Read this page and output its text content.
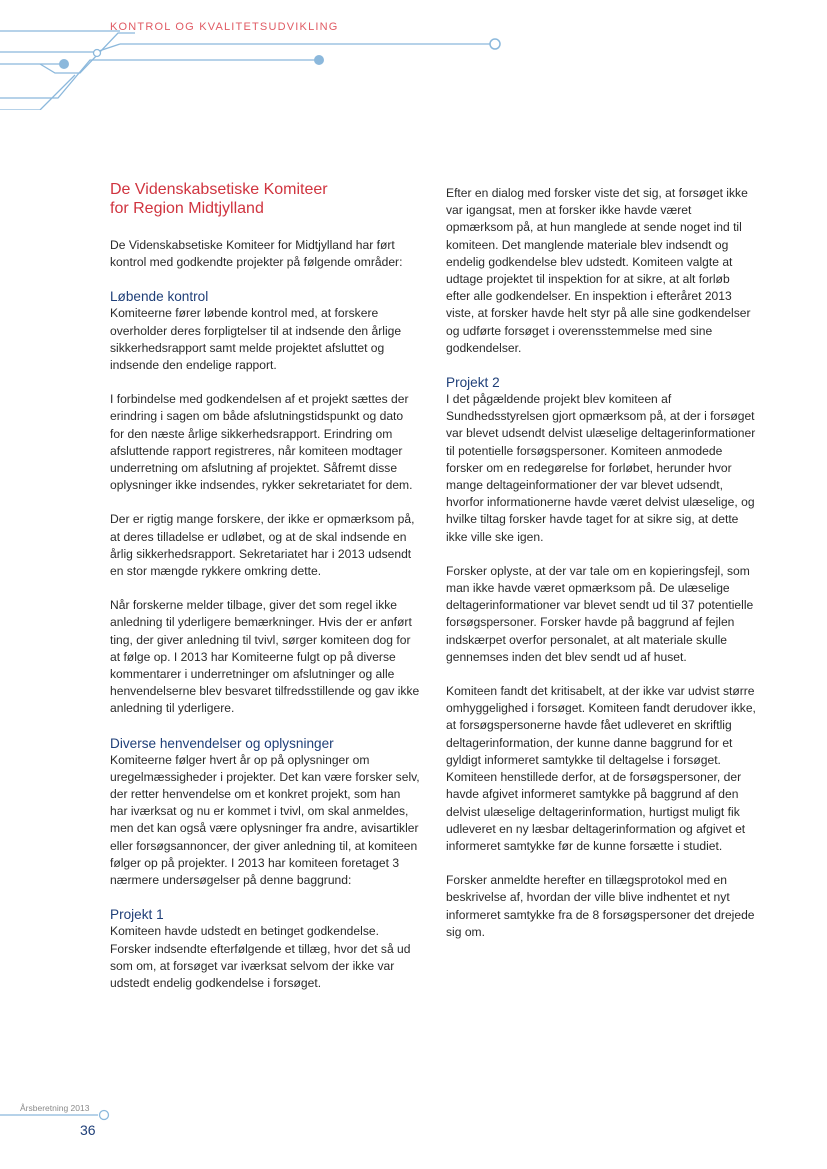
KONTROL OG KVALITETSUDVIKLING
De Videnskabsetiske Komiteer
for Region Midtjylland

De Videnskabsetiske Komiteer for Midtjylland har ført kontrol med godkendte projekter på følgende områder:

Løbende kontrol

Komiteerne fører løbende kontrol med, at forskere overholder deres forpligtelser til at indsende den årlige sikkerhedsrapport samt melde projektet afsluttet og indsende den endelige rapport.

I forbindelse med godkendelsen af et projekt sættes der erindring i sagen om både afslutningstidspunkt og dato for den næste årlige sikkerhedsrapport. Erindring om afsluttende rapport registreres, når komiteen modtager underretning om afslutning af projektet. Såfremt disse oplysninger ikke indsendes, rykker sekretariatet for dem.

Der er rigtig mange forskere, der ikke er opmærksom på, at deres tilladelse er udløbet, og at de skal indsende en årlig sikkerhedsrapport. Sekretariatet har i 2013 udsendt en stor mængde rykkere omkring dette.

Når forskerne melder tilbage, giver det som regel ikke anledning til yderligere bemærkninger. Hvis der er anført ting, der giver anledning til tvivl, sørger komiteen dog for at følge op. I 2013 har Komiteerne fulgt op på diverse kommentarer i underretninger om afslutninger og alle henvendelserne blev besvaret tilfredsstillende og gav ikke anledning til yderligere.

Diverse henvendelser og oplysninger

Komiteerne følger hvert år op på oplysninger om uregelmæssigheder i projekter. Det kan være forsker selv, der retter henvendelse om et konkret projekt, som han har iværksat og nu er kommet i tvivl, om skal anmeldes, men det kan også være oplysninger fra andre, avisartikler eller forsøgsannoncer, der giver anledning til, at komiteen følger op på projekter. I 2013 har komiteen foretaget 3 nærmere undersøgelser på denne baggrund:

Projekt 1

Komiteen havde udstedt en betinget godkendelse. Forsker indsendte efterfølgende et tillæg, hvor det så ud som om, at forsøget var iværksat selvom der ikke var udstedt endelig godkendelse i forsøget.

Efter en dialog med forsker viste det sig, at forsøget ikke var igangsat, men at forsker ikke havde været opmærksom på, at hun manglede at sende noget ind til komiteen. Det manglende materiale blev indsendt og endelig godkendelse blev udstedt. Komiteen valgte at udtage projektet til inspektion for at sikre, at alt forløb efter alle godkendelser. En inspektion i efteråret 2013 viste, at forsker havde helt styr på alle sine godkendelser og udførte forsøget i overensstemmelse med sine godkendelser.

Projekt 2

I det pågældende projekt blev komiteen af Sundhedsstyrelsen gjort opmærksom på, at der i forsøget var blevet udsendt delvist ulæselige deltagerinformationer til potentielle forsøgspersoner. Komiteen anmodede forsker om en redegørelse for forløbet, herunder hvor mange deltageinformationer der var blevet udsendt, hvorfor informationerne havde været delvist ulæselige, og hvilke tiltag forsker havde taget for at sikre sig, at dette ikke ville ske igen.

Forsker oplyste, at der var tale om en kopieringsfejl, som man ikke havde været opmærksom på. De ulæselige deltagerinformationer var blevet sendt ud til 37 potentielle forsøgspersoner. Forsker havde på baggrund af fejlen indskærpet overfor personalet, at alt materiale skulle gennemses inden det blev sendt ud af huset.

Komiteen fandt det kritisabelt, at der ikke var udvist større omhyggelighed i forsøget. Komiteen fandt derudover ikke, at forsøgspersonerne havde fået udleveret en skriftlig deltagerinformation, der kunne danne baggrund for et gyldigt informeret samtykke til deltagelse i forsøget. Komiteen henstillede derfor, at de forsøgspersoner, der havde afgivet informeret samtykke på baggrund af den delvist ulæselige deltagerinformation, hurtigst muligt fik udleveret en ny læsbar deltagerinformation og afgivet et informeret samtykke før de kunne forsætte i studiet.

Forsker anmeldte herefter en tillægsprotokol med en beskrivelse af, hvordan der ville blive indhentet et nyt informeret samtykke fra de 8 forsøgspersoner det drejede sig om.

Årsberetning 2013
36
